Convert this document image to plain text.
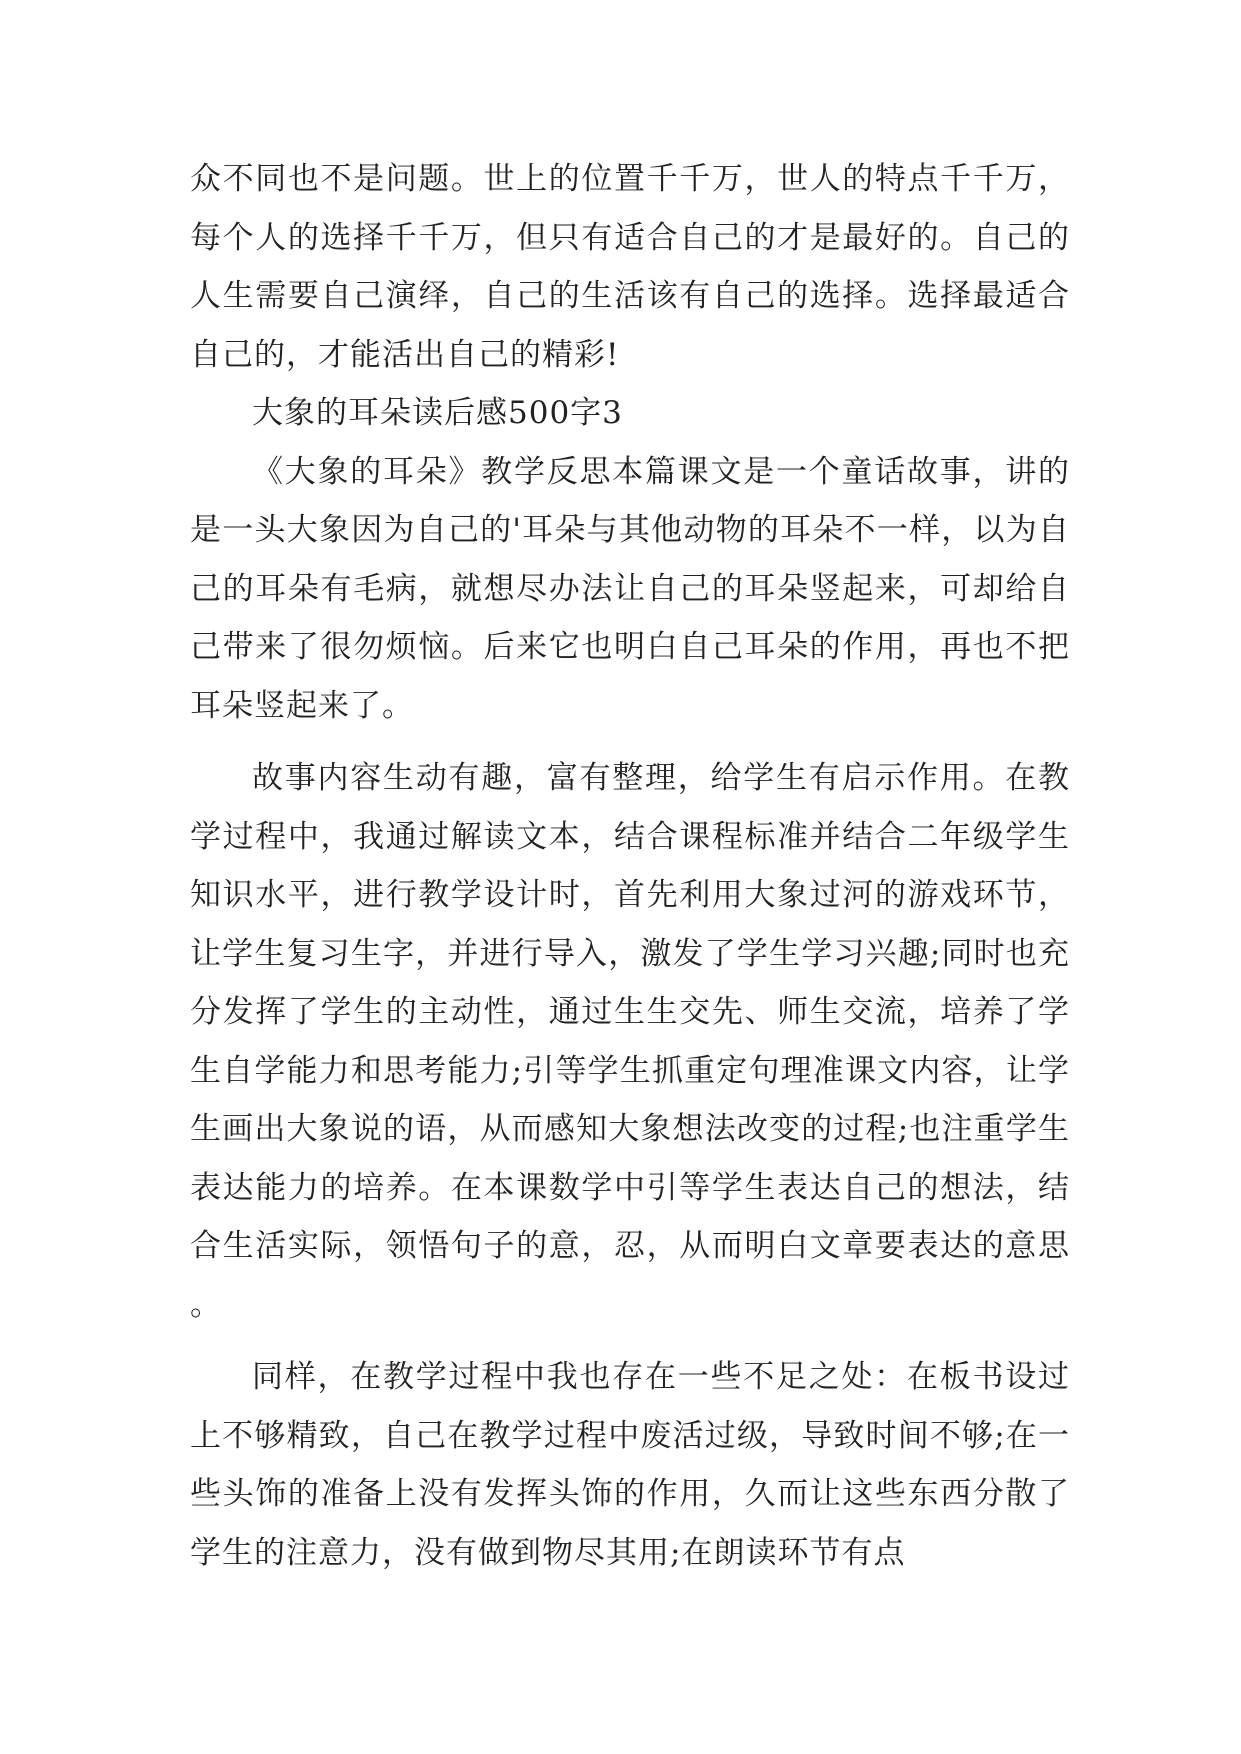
众不同也不是问题。世上的位置千千万，世人的特点千千万，每个人的选择千千万，但只有适合自己的才是最好的。自己的人生需要自己演绎，自己的生活该有自己的选择。选择最适合自己的，才能活出自己的精彩!

大象的耳朵读后感500字3

《大象的耳朵》教学反思本篇课文是一个童话故事，讲的是一头大象因为自己的'耳朵与其他动物的耳朵不一样，以为自己的耳朵有毛病，就想尽办法让自己的耳朵竖起来，可却给自己带来了很勿烦恼。后来它也明白自己耳朵的作用，再也不把耳朵竖起来了。

故事内容生动有趣，富有整理，给学生有启示作用。在教学过程中，我通过解读文本，结合课程标准并结合二年级学生知识水平，进行教学设计时，首先利用大象过河的游戏环节，让学生复习生字，并进行导入，激发了学生学习兴趣;同时也充分发挥了学生的主动性，通过生生交先、师生交流，培养了学生自学能力和思考能力;引等学生抓重定句理准课文内容，让学生画出大象说的语，从而感知大象想法改变的过程;也注重学生表达能力的培养。在本课数学中引等学生表达自己的想法，结合生活实际，领悟句子的意，忍，从而明白文章要表达的意思。

同样，在教学过程中我也存在一些不足之处：在板书设过上不够精致，自己在教学过程中废活过级，导致时间不够;在一些头饰的准备上没有发挥头饰的作用，久而让这些东西分散了学生的注意力，没有做到物尽其用;在朗读环节有点
